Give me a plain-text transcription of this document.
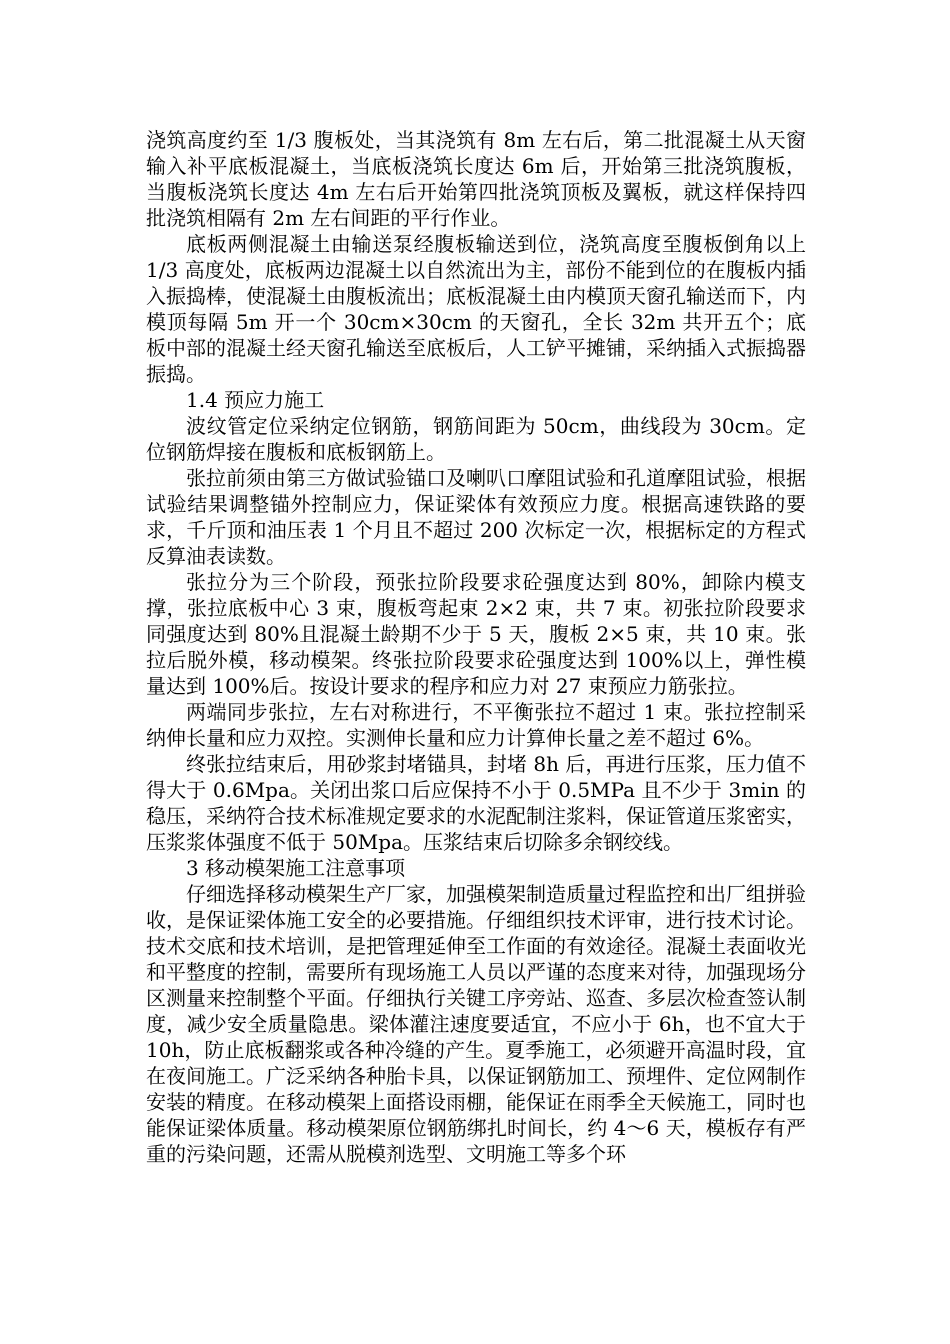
浇筑高度约至 1/3 腹板处，当其浇筑有 8m 左右后，第二批混凝土从天窗输入补平底板混凝土，当底板浇筑长度达 6m 后，开始第三批浇筑腹板，当腹板浇筑长度达 4m 左右后开始第四批浇筑顶板及翼板，就这样保持四批浇筑相隔有 2m 左右间距的平行作业。

底板两侧混凝土由输送泵经腹板输送到位，浇筑高度至腹板倒角以上 1/3 高度处，底板两边混凝土以自然流出为主，部份不能到位的在腹板内插入振捣棒，使混凝土由腹板流出；底板混凝土由内模顶天窗孔输送而下，内模顶每隔 5m 开一个 30cm×30cm 的天窗孔，全长 32m 共开五个；底板中部的混凝土经天窗孔输送至底板后，人工铲平摊铺，采纳插入式振捣器振捣。

1.4 预应力施工

波纹管定位采纳定位钢筋，钢筋间距为 50cm，曲线段为 30cm。定位钢筋焊接在腹板和底板钢筋上。

张拉前须由第三方做试验锚口及喇叭口摩阻试验和孔道摩阻试验，根据试验结果调整锚外控制应力，保证梁体有效预应力度。根据高速铁路的要求，千斤顶和油压表 1 个月且不超过 200 次标定一次，根据标定的方程式反算油表读数。

张拉分为三个阶段，预张拉阶段要求砼强度达到 80%，卸除内模支撑，张拉底板中心 3 束，腹板弯起束 2×2 束，共 7 束。初张拉阶段要求同强度达到 80%且混凝土龄期不少于 5 天，腹板 2×5 束，共 10 束。张拉后脱外模，移动模架。终张拉阶段要求砼强度达到 100%以上，弹性模量达到 100%后。按设计要求的程序和应力对 27 束预应力筋张拉。

两端同步张拉，左右对称进行，不平衡张拉不超过 1 束。张拉控制采纳伸长量和应力双控。实测伸长量和应力计算伸长量之差不超过 6%。

终张拉结束后，用砂浆封堵锚具，封堵 8h 后，再进行压浆，压力值不得大于 0.6Mpa。关闭出浆口后应保持不小于 0.5MPa 且不少于 3min 的稳压，采纳符合技术标准规定要求的水泥配制注浆料，保证管道压浆密实，压浆浆体强度不低于 50Mpa。压浆结束后切除多余钢绞线。

3 移动模架施工注意事项

仔细选择移动模架生产厂家，加强模架制造质量过程监控和出厂组拼验收，是保证梁体施工安全的必要措施。仔细组织技术评审，进行技术讨论。技术交底和技术培训，是把管理延伸至工作面的有效途径。混凝土表面收光和平整度的控制，需要所有现场施工人员以严谨的态度来对待，加强现场分区测量来控制整个平面。仔细执行关键工序旁站、巡查、多层次检查签认制度，减少安全质量隐患。梁体灌注速度要适宜，不应小于 6h，也不宜大于 10h，防止底板翻浆或各种冷缝的产生。夏季施工，必须避开高温时段，宜在夜间施工。广泛采纳各种胎卡具，以保证钢筋加工、预埋件、定位网制作安装的精度。在移动模架上面搭设雨棚，能保证在雨季全天候施工，同时也能保证梁体质量。移动模架原位钢筋绑扎时间长，约 4～6 天，模板存有严重的污染问题，还需从脱模剂选型、文明施工等多个环
